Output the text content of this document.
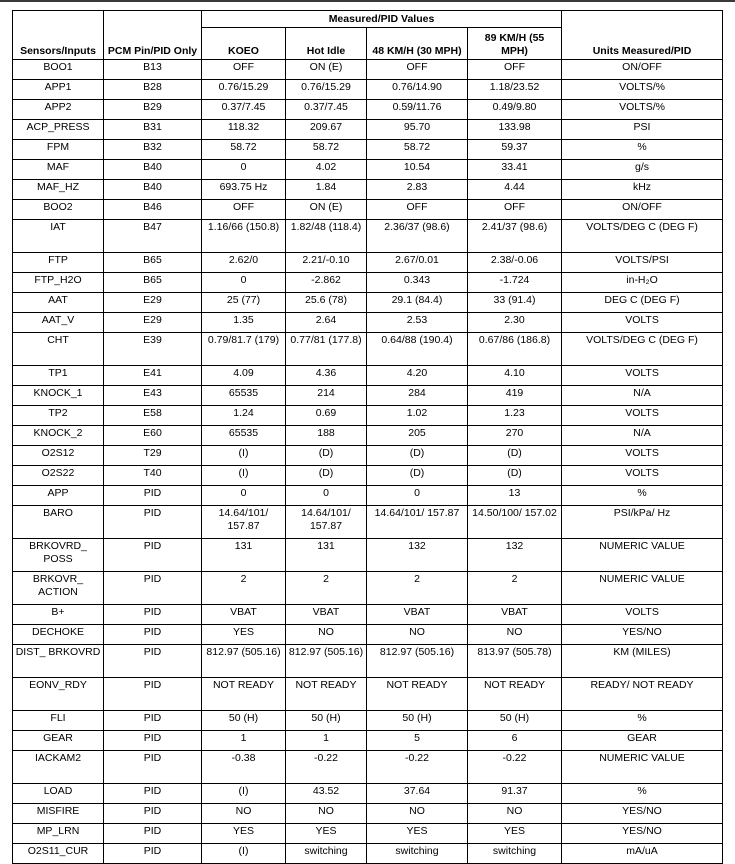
Sensors/Inputs	PCM Pin/PID Only	Measured/PID Values				Units Measured/PID
		KOEO	Hot Idle	48 KM/H (30 MPH)	89 KM/H (55 MPH)	
BOO1	B13	OFF	ON (E)	OFF	OFF	ON/OFF
APP1	B28	0.76/15.29	0.76/15.29	0.76/14.90	1.18/23.52	VOLTS/%
APP2	B29	0.37/7.45	0.37/7.45	0.59/11.76	0.49/9.80	VOLTS/%
ACP_PRESS	B31	118.32	209.67	95.70	133.98	PSI
FPM	B32	58.72	58.72	58.72	59.37	%
MAF	B40	0	4.02	10.54	33.41	g/s
MAF_HZ	B40	693.75 Hz	1.84	2.83	4.44	kHz
BOO2	B46	OFF	ON (E)	OFF	OFF	ON/OFF
IAT	B47	1.16/66 (150.8)	1.82/48 (118.4)	2.36/37 (98.6)	2.41/37 (98.6)	VOLTS/DEG C (DEG F)
FTP	B65	2.62/0	2.21/-0.10	2.67/0.01	2.38/-0.06	VOLTS/PSI
FTP_H2O	B65	0	-2.862	0.343	-1.724	in-H₂O
AAT	E29	25 (77)	25.6 (78)	29.1 (84.4)	33 (91.4)	DEG C (DEG F)
AAT_V	E29	1.35	2.64	2.53	2.30	VOLTS
CHT	E39	0.79/81.7 (179)	0.77/81 (177.8)	0.64/88 (190.4)	0.67/86 (186.8)	VOLTS/DEG C (DEG F)
TP1	E41	4.09	4.36	4.20	4.10	VOLTS
KNOCK_1	E43	65535	214	284	419	N/A
TP2	E58	1.24	0.69	1.02	1.23	VOLTS
KNOCK_2	E60	65535	188	205	270	N/A
O2S12	T29	(I)	(D)	(D)	(D)	VOLTS
O2S22	T40	(I)	(D)	(D)	(D)	VOLTS
APP	PID	0	0	0	13	%
BARO	PID	14.64/101/ 157.87	14.64/101/ 157.87	14.64/101/ 157.87	14.50/100/ 157.02	PSI/kPa/ Hz
BRKOVRD_ POSS	PID	131	131	132	132	NUMERIC VALUE
BRKOVR_ ACTION	PID	2	2	2	2	NUMERIC VALUE
B+	PID	VBAT	VBAT	VBAT	VBAT	VOLTS
DECHOKE	PID	YES	NO	NO	NO	YES/NO
DIST_ BRKOVRD	PID	812.97 (505.16)	812.97 (505.16)	812.97 (505.16)	813.97 (505.78)	KM (MILES)
EONV_RDY	PID	NOT READY	NOT READY	NOT READY	NOT READY	READY/ NOT READY
FLI	PID	50 (H)	50 (H)	50 (H)	50 (H)	%
GEAR	PID	1	1	5	6	GEAR
IACKAM2	PID	-0.38	-0.22	-0.22	-0.22	NUMERIC VALUE
LOAD	PID	(I)	43.52	37.64	91.37	%
MISFIRE	PID	NO	NO	NO	NO	YES/NO
MP_LRN	PID	YES	YES	YES	YES	YES/NO
O2S11_CUR	PID	(I)	switching	switching	switching	mA/uA
